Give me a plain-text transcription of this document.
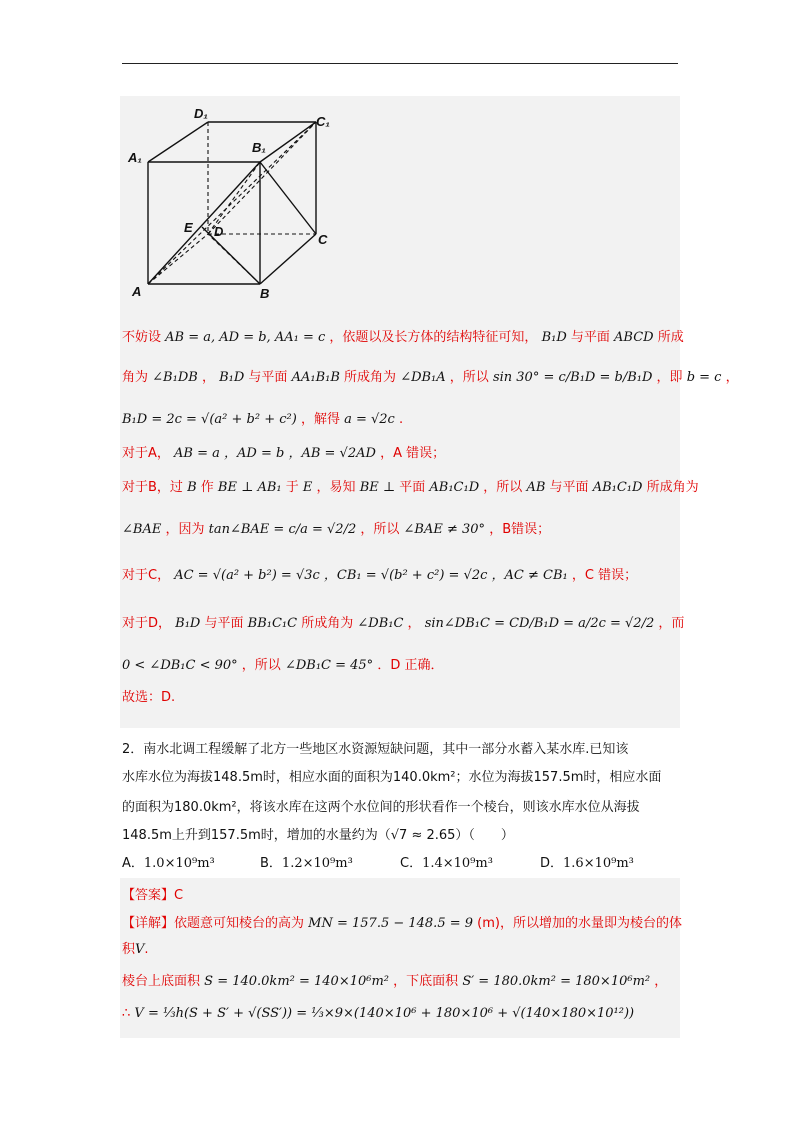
D₁
C₁
A₁
B₁
E D
C
A	B
不妨设 AB = a, AD = b, AA₁ = c ，依题以及长方体的结构特征可知， B₁D 与平面 ABCD 所成
角为 ∠B₁DB ， B₁D 与平面 AA₁B₁B 所成角为 ∠DB₁A ，所以 sin 30° = c/B₁D = b/B₁D ，即 b = c ，
B₁D = 2c = √(a² + b² + c²) ，解得 a = √2c .
对于A， AB = a ，AD = b ，AB = √2AD ，A 错误；
对于B，过 B 作 BE ⊥ AB₁ 于 E ，易知 BE ⊥ 平面 AB₁C₁D ，所以 AB 与平面 AB₁C₁D 所成角为
∠BAE ，因为 tan∠BAE = c/a = √2/2 ，所以 ∠BAE ≠ 30° ，B错误；
对于C， AC = √(a² + b²) = √3c ，CB₁ = √(b² + c²) = √2c ，AC ≠ CB₁ ，C 错误；
对于D， B₁D 与平面 BB₁C₁C 所成角为 ∠DB₁C ， sin∠DB₁C = CD/B₁D = a/2c = √2/2 ，而
0 < ∠DB₁C < 90° ，所以 ∠DB₁C = 45° ．D 正确．
故选：D.
2．南水北调工程缓解了北方一些地区水资源短缺问题，其中一部分水蓄入某水库.已知该
水库水位为海拔148.5m时，相应水面的面积为140.0km²；水位为海拔157.5m时，相应水面
的面积为180.0km²，将该水库在这两个水位间的形状看作一个棱台，则该水库水位从海拔
148.5m上升到157.5m时，增加的水量约为（√7 ≈ 2.65）（　　）
A．1.0×10⁹m³	B．1.2×10⁹m³	C．1.4×10⁹m³	D．1.6×10⁹m³
【答案】C
【详解】依题意可知棱台的高为 MN = 157.5 − 148.5 = 9 (m)，所以增加的水量即为棱台的体
积V.
棱台上底面积 S = 140.0km² = 140×10⁶m² ，下底面积 S′ = 180.0km² = 180×10⁶m² ，
∴ V = ⅓h(S + S′ + √(SS′)) = ⅓×9×(140×10⁶ + 180×10⁶ + √(140×180×10¹²))
